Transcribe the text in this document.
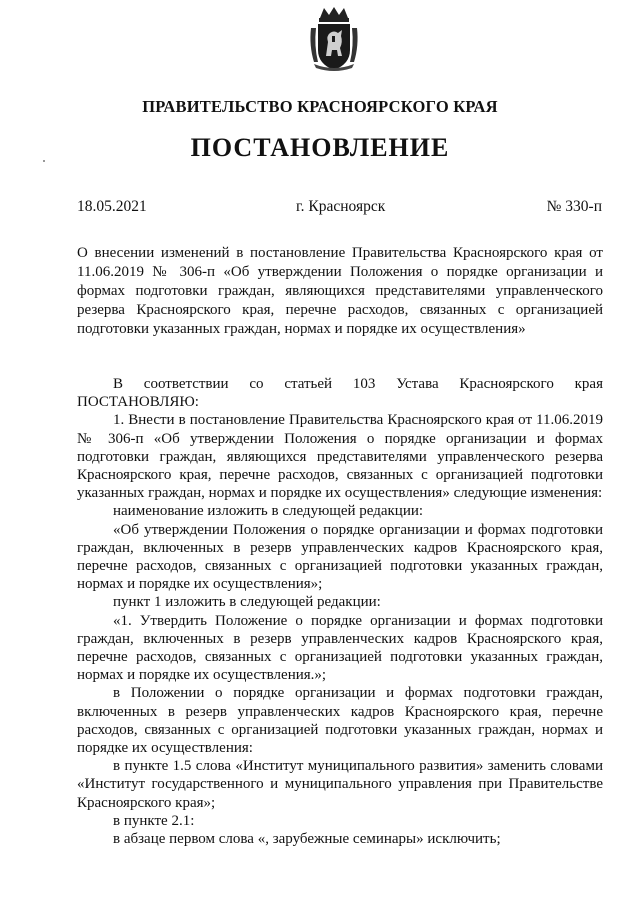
ПРАВИТЕЛЬСТВО КРАСНОЯРСКОГО КРАЯ
ПОСТАНОВЛЕНИЕ
18.05.2021	г. Красноярск	№ 330-п
О внесении изменений в постановление Правительства Красноярского края от 11.06.2019 № 306-п «Об утверждении Положения о порядке организации и формах подготовки граждан, являющихся представителями управленческого резерва Красноярского края, перечне расходов, связанных с организацией подготовки указанных граждан, нормах и порядке их осуществления»

В соответствии со статьей 103 Устава Красноярского края ПОСТАНОВЛЯЮ:

1. Внести в постановление Правительства Красноярского края от 11.06.2019 № 306-п «Об утверждении Положения о порядке организации и формах подготовки граждан, являющихся представителями управленческого резерва Красноярского края, перечне расходов, связанных с организацией подготовки указанных граждан, нормах и порядке их осуществления» следующие изменения:

наименование изложить в следующей редакции:

«Об утверждении Положения о порядке организации и формах подготовки граждан, включенных в резерв управленческих кадров Красноярского края, перечне расходов, связанных с организацией подготовки указанных граждан, нормах и порядке их осуществления»;

пункт 1 изложить в следующей редакции:

«1. Утвердить Положение о порядке организации и формах подготовки граждан, включенных в резерв управленческих кадров Красноярского края, перечне расходов, связанных с организацией подготовки указанных граждан, нормах и порядке их осуществления.»;

в Положении о порядке организации и формах подготовки граждан, включенных в резерв управленческих кадров Красноярского края, перечне расходов, связанных с организацией подготовки указанных граждан, нормах и порядке их осуществления:

в пункте 1.5 слова «Институт муниципального развития» заменить словами «Институт государственного и муниципального управления при Правительстве Красноярского края»;

в пункте 2.1:

в абзаце первом слова «, зарубежные семинары» исключить;
